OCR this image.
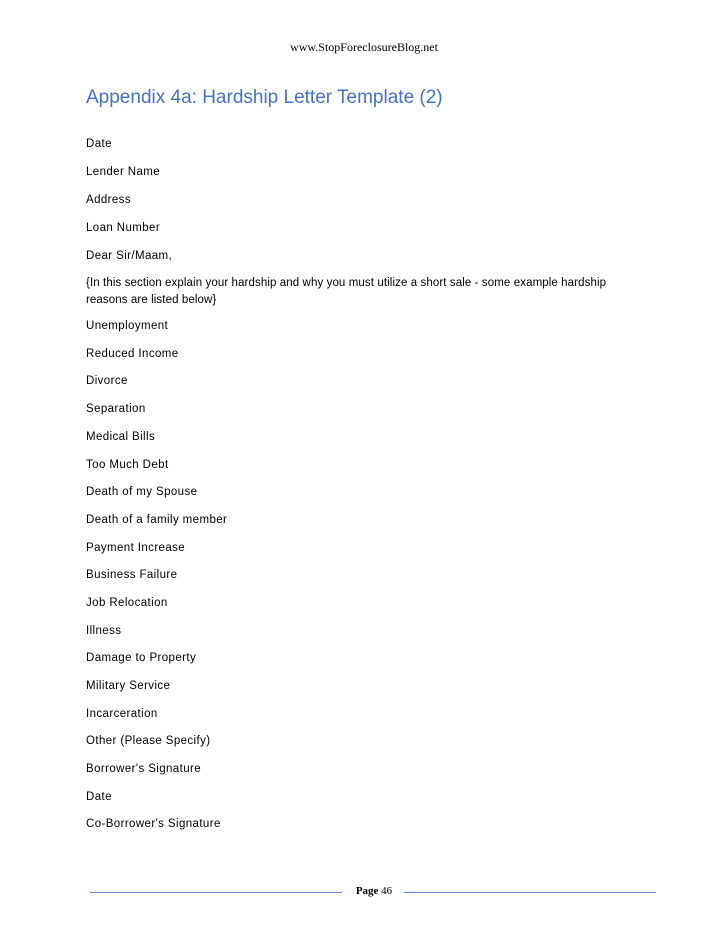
www.StopForeclosureBlog.net
Appendix 4a: Hardship Letter Template (2)
Date
Lender Name
Address
Loan Number
Dear Sir/Maam,
{In this section explain your hardship and why you must utilize a short sale - some example hardship
reasons are listed below}
Unemployment
Reduced Income
Divorce
Separation
Medical Bills
Too Much Debt
Death of my Spouse
Death of a family member
Payment Increase
Business Failure
Job Relocation
Illness
Damage to Property
Military Service
Incarceration
Other (Please Specify)
Borrower's Signature
Date
Co-Borrower's Signature
Page 46
